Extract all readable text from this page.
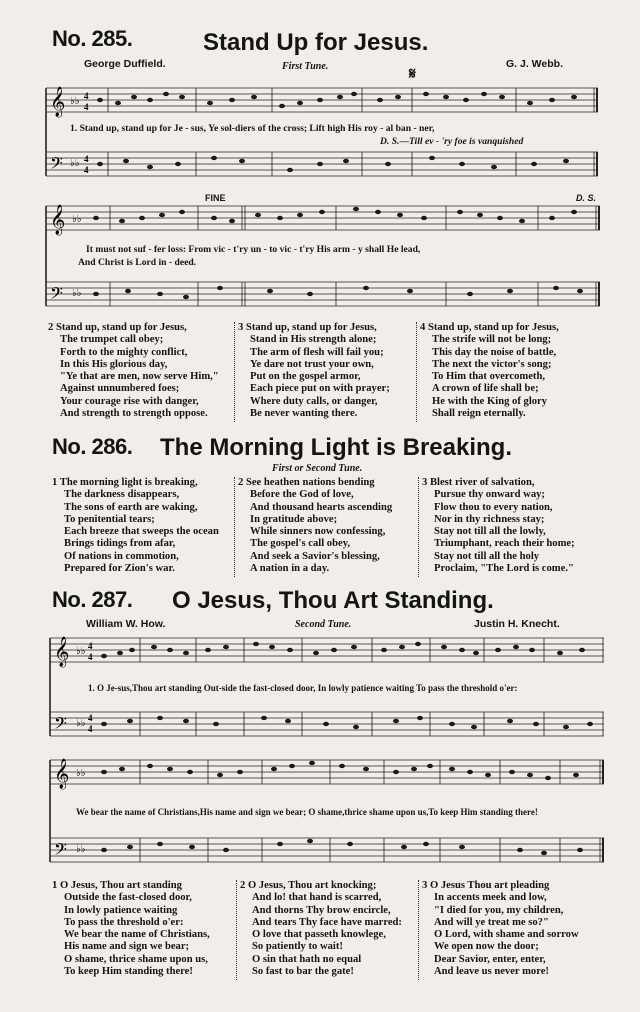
No. 285.	Stand Up for Jesus.
George Duffield.	First Tune.	G. J. Webb.
𝄋
𝄞
𝄢
♭♭
♭♭
4
4
4
4
1. Stand up, stand up for Je - sus, Ye sol-diers of the cross; Lift high His roy - al ban - ner,
D. S.—Till ev - 'ry foe is vanquished
FINE	D. S.
𝄞
𝄢
♭♭
♭♭
It must not suf - fer loss: From vic - t'ry un - to vic - t'ry His arm - y shall He lead,
And Christ is Lord in - deed.
2 Stand up, stand up for Jesus,
The trumpet call obey;
Forth to the mighty conflict,
In this His glorious day,
"Ye that are men, now serve Him,"
Against unnumbered foes;
Your courage rise with danger,
And strength to strength oppose.
3 Stand up, stand up for Jesus,
Stand in His strength alone;
The arm of flesh will fail you;
Ye dare not trust your own,
Put on the gospel armor,
Each piece put on with prayer;
Where duty calls, or danger,
Be never wanting there.
4 Stand up, stand up for Jesus,
The strife will not be long;
This day the noise of battle,
The next the victor's song;
To Him that overcometh,
A crown of life shall be;
He with the King of glory
Shall reign eternally.
No. 286. The Morning Light is Breaking.
First or Second Tune.
1 The morning light is breaking,
The darkness disappears,
The sons of earth are waking,
To penitential tears;
Each breeze that sweeps the ocean
Brings tidings from afar,
Of nations in commotion,
Prepared for Zion's war.
2 See heathen nations bending
Before the God of love,
And thousand hearts ascending
In gratitude above;
While sinners now confessing,
The gospel's call obey,
And seek a Savior's blessing,
A nation in a day.
3 Blest river of salvation,
Pursue thy onward way;
Flow thou to every nation,
Nor in thy richness stay;
Stay not till all the lowly,
Triumphant, reach their home;
Stay not till all the holy
Proclaim, "The Lord is come."
No. 287. O Jesus, Thou Art Standing.
William W. How.	Second Tune.	Justin H. Knecht.
𝄞
𝄢
♭♭
♭♭
4
4
4
4
1. O Je-sus,Thou art standing Out-side the fast-closed door, In lowly patience waiting To pass the threshold o'er:
𝄞
𝄢
♭♭
♭♭
We bear the name of Christians,His name and sign we bear; O shame,thrice shame upon us,To keep Him standing there!
1 O Jesus, Thou art standing
Outside the fast-closed door,
In lowly patience waiting
To pass the threshold o'er:
We bear the name of Christians,
His name and sign we bear;
O shame, thrice shame upon us,
To keep Him standing there!
2 O Jesus, Thou art knocking;
And lo! that hand is scarred,
And thorns Thy brow encircle,
And tears Thy face have marred:
O love that passeth knowlege,
So patiently to wait!
O sin that hath no equal
So fast to bar the gate!
3 O Jesus Thou art pleading
In accents meek and low,
"I died for you, my children,
And will ye treat me so?"
O Lord, with shame and sorrow
We open now the door;
Dear Savior, enter, enter,
And leave us never more!
